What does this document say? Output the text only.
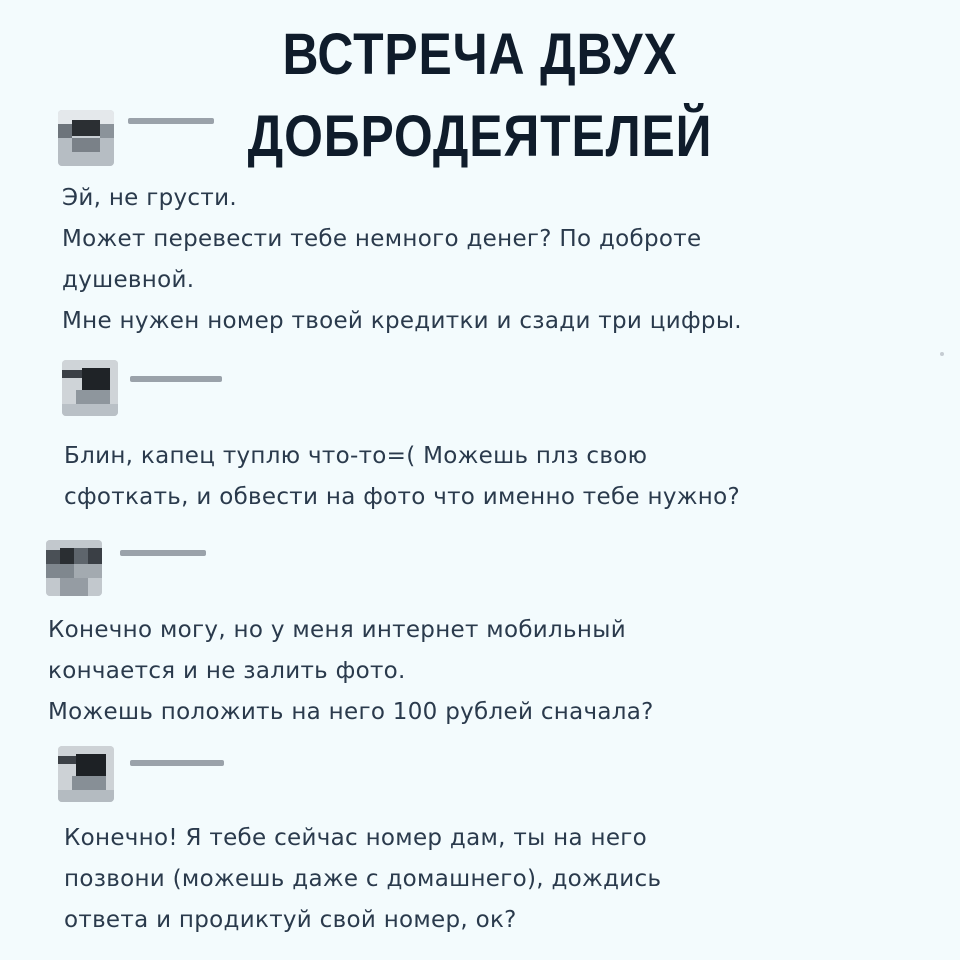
ВСТРЕЧА ДВУХ ДОБРОДЕЯТЕЛЕЙ
Эй, не грусти.
Может перевести тебе немного денег? По доброте
душевной.
Мне нужен номер твоей кредитки и сзади три цифры.
Блин, капец туплю что-то=( Можешь плз свою
сфоткать, и обвести на фото что именно тебе нужно?
Конечно могу, но у меня интернет мобильный
кончается и не залить фото.
Можешь положить на него 100 рублей сначала?
Конечно! Я тебе сейчас номер дам, ты на него
позвони (можешь даже с домашнего), дождись
ответа и продиктуй свой номер, ок?
